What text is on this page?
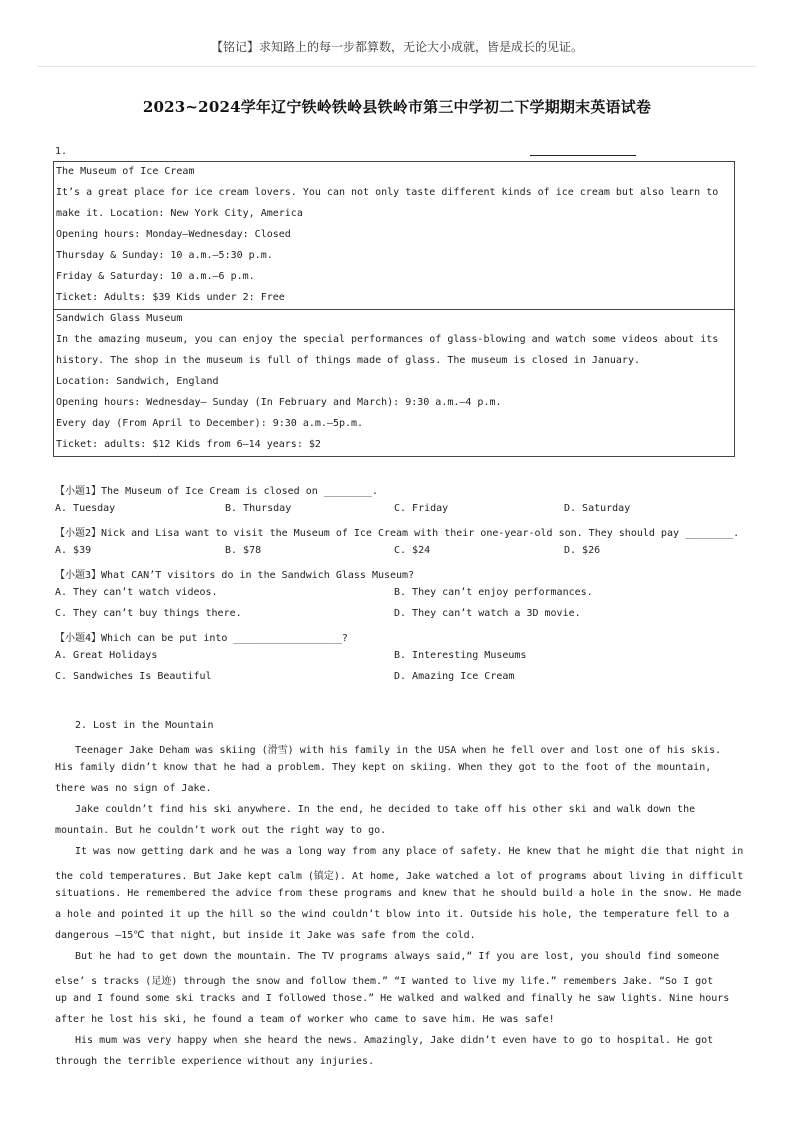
【铭记】求知路上的每一步都算数，无论大小成就，皆是成长的见证。
2023~2024学年辽宁铁岭铁岭县铁岭市第三中学初二下学期期末英语试卷
1.
The Museum of Ice Cream
It’s a great place for ice cream lovers. You can not only taste different kinds of ice cream but also learn to
make it. Location: New York City, America
Opening hours: Monday—Wednesday: Closed
Thursday & Sunday: 10 a.m.—5:30 p.m.
Friday & Saturday: 10 a.m.—6 p.m.
Ticket: Adults: $39 Kids under 2: Free
Sandwich Glass Museum
In the amazing museum, you can enjoy the special performances of glass-blowing and watch some videos about its
history. The shop in the museum is full of things made of glass. The museum is closed in January.
Location: Sandwich, England
Opening hours: Wednesday— Sunday (In February and March): 9:30 a.m.—4 p.m.
Every day (From April to December): 9:30 a.m.—5p.m.
Ticket: adults: $12 Kids from 6—14 years: $2
【小题1】The Museum of Ice Cream is closed on ________.
A. Tuesday	B. Thursday	C. Friday	D. Saturday
【小题2】Nick and Lisa want to visit the Museum of Ice Cream with their one-year-old son. They should pay ________.
A. $39	B. $78	C. $24	D. $26
【小题3】What CAN’T visitors do in the Sandwich Glass Museum?
A. They can’t watch videos.	B. They can’t enjoy performances.
C. They can’t buy things there.	D. They can’t watch a 3D movie.
【小题4】Which can be put into __________________?
A. Great Holidays	B. Interesting Museums
C. Sandwiches Is Beautiful	D. Amazing Ice Cream
2. Lost in the Mountain
Teenager Jake Deham was skiing (滑雪) with his family in the USA when he fell over and lost one of his skis.
His family didn’t know that he had a problem. They kept on skiing. When they got to the foot of the mountain,
there was no sign of Jake.
Jake couldn’t find his ski anywhere. In the end, he decided to take off his other ski and walk down the
mountain. But he couldn’t work out the right way to go.
It was now getting dark and he was a long way from any place of safety. He knew that he might die that night in
the cold temperatures. But Jake kept calm (镇定). At home, Jake watched a lot of programs about living in difficult
situations. He remembered the advice from these programs and knew that he should build a hole in the snow. He made
a hole and pointed it up the hill so the wind couldn’t blow into it. Outside his hole, the temperature fell to a
dangerous —15℃ that night, but inside it Jake was safe from the cold.
But he had to get down the mountain. The TV programs always said,“ If you are lost, you should find someone
else’ s tracks (足迹) through the snow and follow them.” “I wanted to live my life.” remembers Jake. “So I got
up and I found some ski tracks and I followed those.” He walked and walked and finally he saw lights. Nine hours
after he lost his ski, he found a team of worker who came to save him. He was safe!
His mum was very happy when she heard the news. Amazingly, Jake didn’t even have to go to hospital. He got
through the terrible experience without any injuries.
